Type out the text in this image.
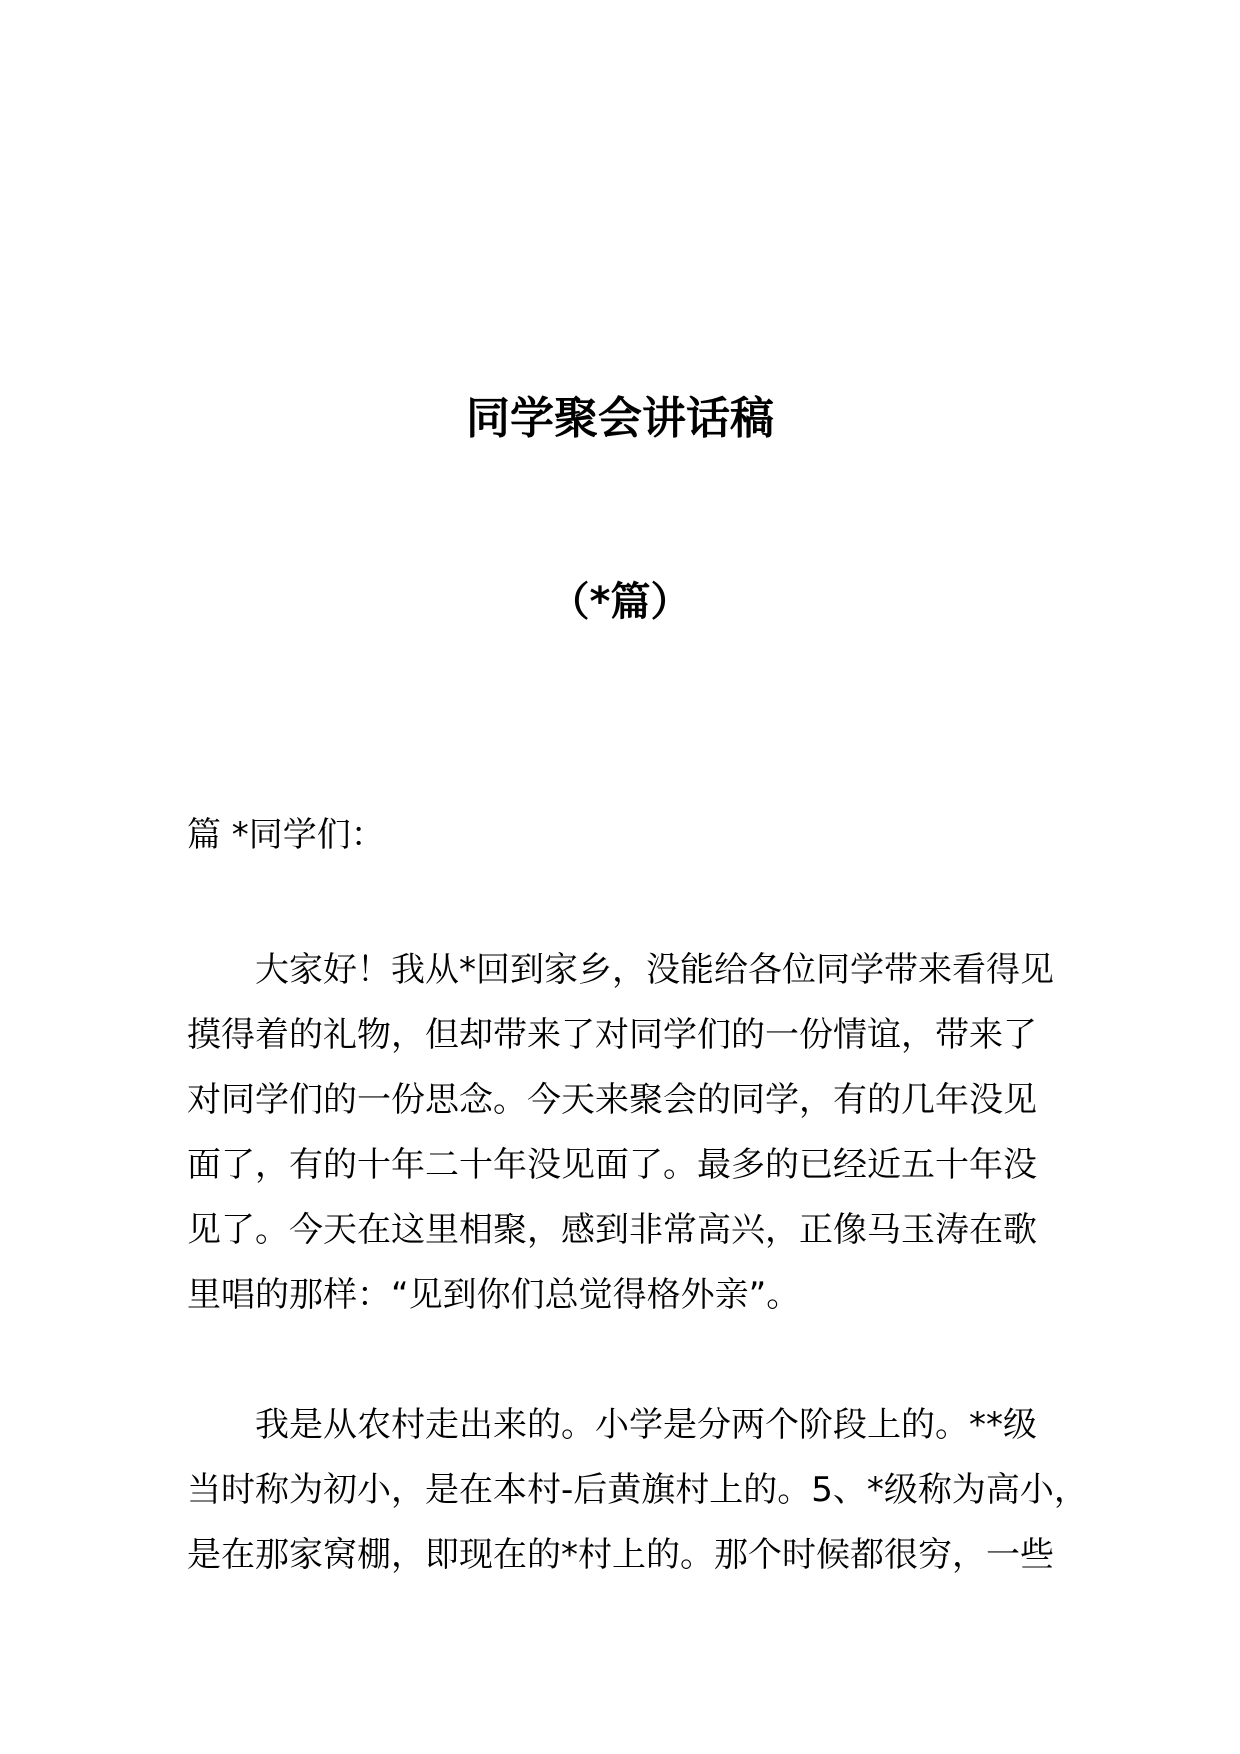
同学聚会讲话稿
（*篇）
篇 *同学们：
　　大家好！我从*回到家乡，没能给各位同学带来看得见
摸得着的礼物，但却带来了对同学们的一份情谊，带来了
对同学们的一份思念。今天来聚会的同学，有的几年没见
面了，有的十年二十年没见面了。最多的已经近五十年没
见了。今天在这里相聚，感到非常高兴，正像马玉涛在歌
里唱的那样：“见到你们总觉得格外亲”。
　　我是从农村走出来的。小学是分两个阶段上的。**级
当时称为初小，是在本村-后黄旗村上的。5、*级称为高小，
是在那家窝棚，即现在的*村上的。那个时候都很穷，一些
